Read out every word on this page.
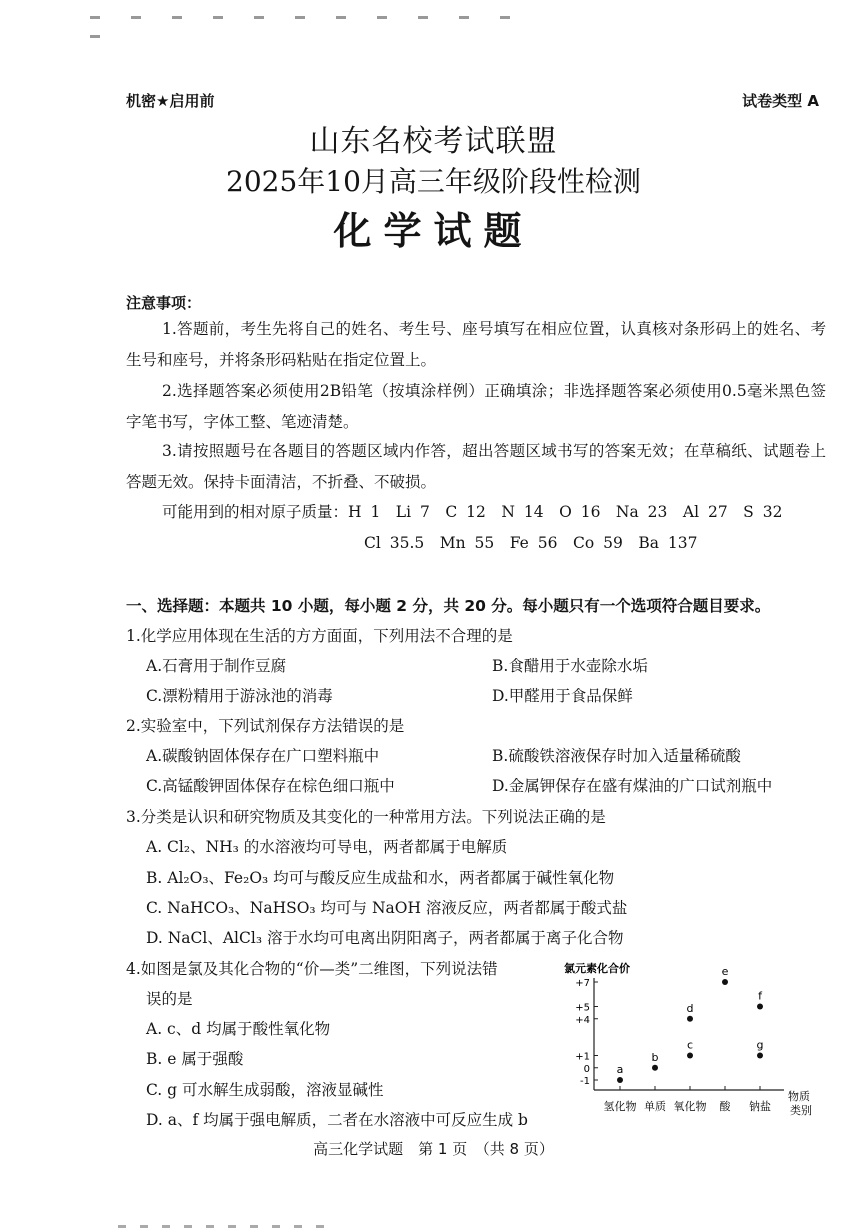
机密★启用前	试卷类型 A
山东名校考试联盟
2025年10月高三年级阶段性检测
化学试题
注意事项：
1.答题前，考生先将自己的姓名、考生号、座号填写在相应位置，认真核对条形码上的姓名、考生号和座号，并将条形码粘贴在指定位置上。
2.选择题答案必须使用2B铅笔（按填涂样例）正确填涂；非选择题答案必须使用0.5毫米黑色签字笔书写，字体工整、笔迹清楚。
3.请按照题号在各题目的答题区域内作答，超出答题区域书写的答案无效；在草稿纸、试题卷上答题无效。保持卡面清洁，不折叠、不破损。
可能用到的相对原子质量：H 1　Li 7　C 12　N 14　O 16　Na 23　Al 27　S 32
Cl 35.5　Mn 55　Fe 56　Co 59　Ba 137
一、选择题：本题共 10 小题，每小题 2 分，共 20 分。每小题只有一个选项符合题目要求。
1.化学应用体现在生活的方方面面，下列用法不合理的是
A.石膏用于制作豆腐	B.食醋用于水壶除水垢
C.漂粉精用于游泳池的消毒	D.甲醛用于食品保鲜
2.实验室中，下列试剂保存方法错误的是
A.碳酸钠固体保存在广口塑料瓶中	B.硫酸铁溶液保存时加入适量稀硫酸
C.高锰酸钾固体保存在棕色细口瓶中	D.金属钾保存在盛有煤油的广口试剂瓶中
3.分类是认识和研究物质及其变化的一种常用方法。下列说法正确的是
A. Cl₂、NH₃ 的水溶液均可导电，两者都属于电解质
B. Al₂O₃、Fe₂O₃ 均可与酸反应生成盐和水，两者都属于碱性氧化物
C. NaHCO₃、NaHSO₃ 均可与 NaOH 溶液反应，两者都属于酸式盐
D. NaCl、AlCl₃ 溶于水均可电离出阴阳离子，两者都属于离子化合物
4.如图是氯及其化合物的“价—类”二维图，下列说法错
误的是
A. c、d 均属于酸性氧化物
B. e 属于强酸
C. g 可水解生成弱酸，溶液显碱性
D. a、f 均属于强电解质，二者在水溶液中可反应生成 b
氯元素化合价
物质
类别
+7
+5
+4
+1
0
-1
氢化物 单质 氧化物 酸 钠盐
a
b
c
d
e
f
g
高三化学试题　第 1 页　（共 8 页）
